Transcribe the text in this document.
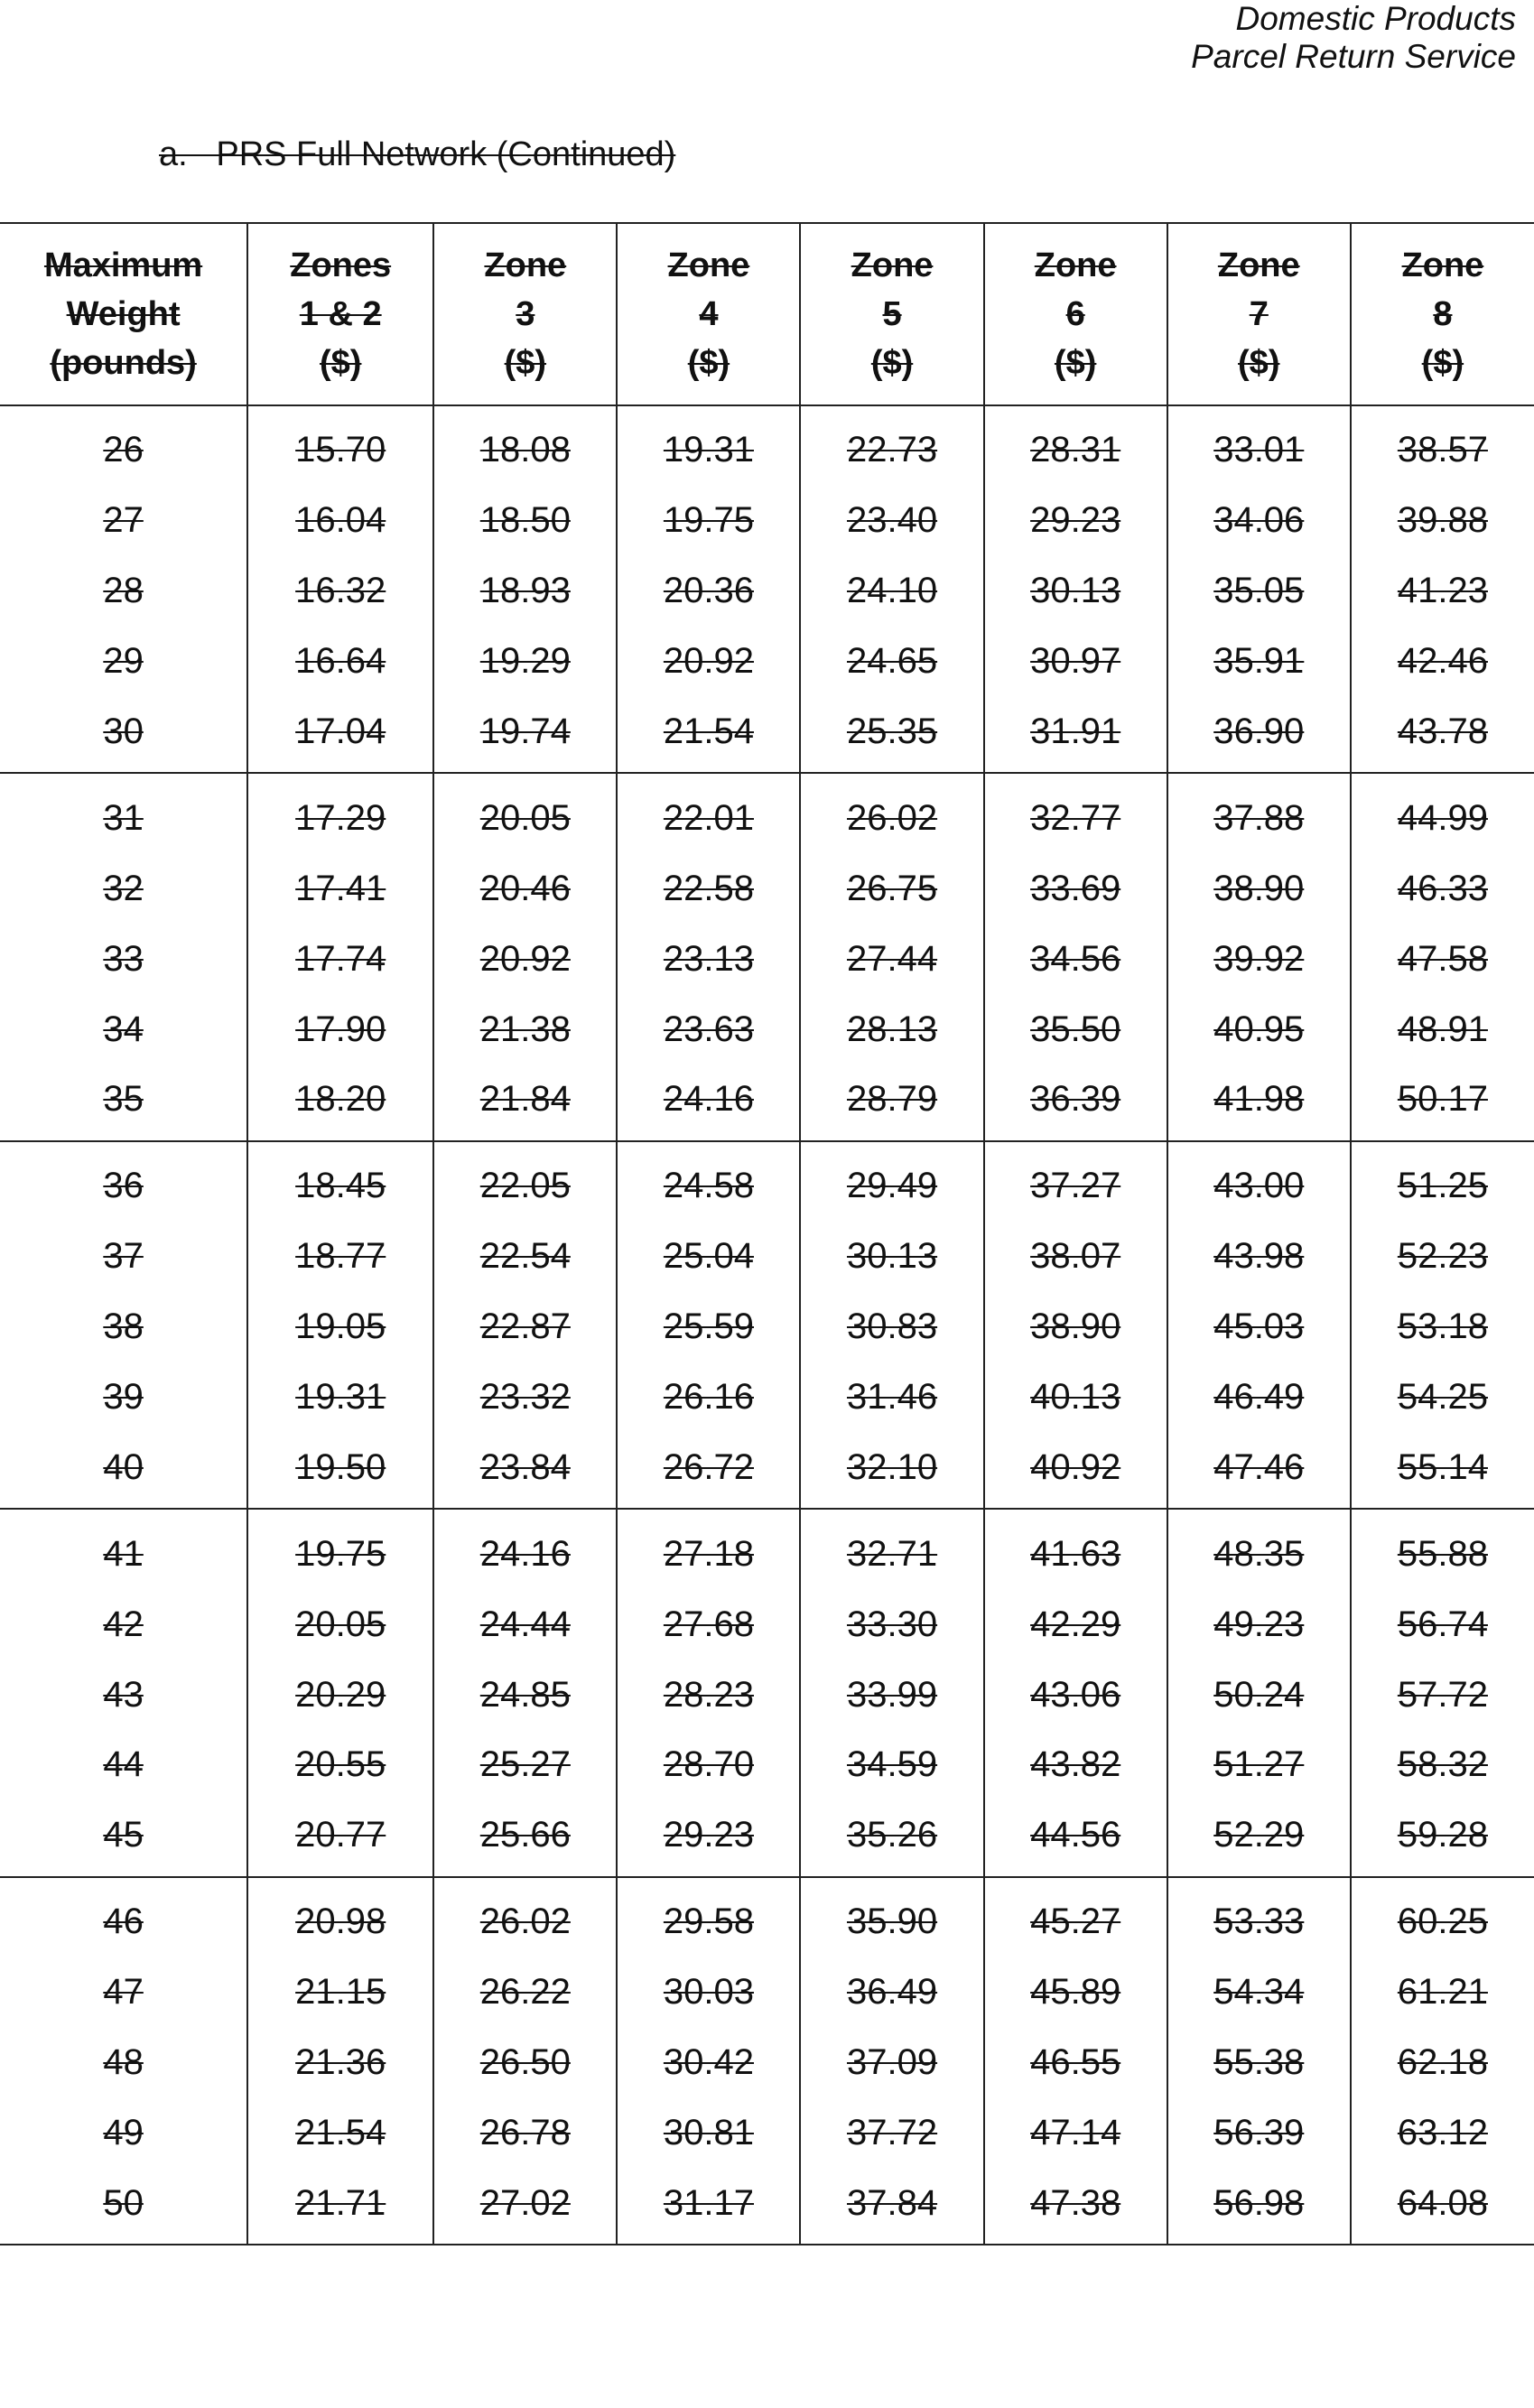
Domestic Products
Parcel Return Service
a.   PRS Full Network (Continued)
Maximum
Weight
(pounds)	Zones
1 & 2
($)	Zone
3
($)	Zone
4
($)	Zone
5
($)	Zone
6
($)	Zone
7
($)	Zone
8
($)

26	15.70	18.08	19.31	22.73	28.31	33.01	38.57
27	16.04	18.50	19.75	23.40	29.23	34.06	39.88
28	16.32	18.93	20.36	24.10	30.13	35.05	41.23
29	16.64	19.29	20.92	24.65	30.97	35.91	42.46
30	17.04	19.74	21.54	25.35	31.91	36.90	43.78
31	17.29	20.05	22.01	26.02	32.77	37.88	44.99
32	17.41	20.46	22.58	26.75	33.69	38.90	46.33
33	17.74	20.92	23.13	27.44	34.56	39.92	47.58
34	17.90	21.38	23.63	28.13	35.50	40.95	48.91
35	18.20	21.84	24.16	28.79	36.39	41.98	50.17
36	18.45	22.05	24.58	29.49	37.27	43.00	51.25
37	18.77	22.54	25.04	30.13	38.07	43.98	52.23
38	19.05	22.87	25.59	30.83	38.90	45.03	53.18
39	19.31	23.32	26.16	31.46	40.13	46.49	54.25
40	19.50	23.84	26.72	32.10	40.92	47.46	55.14
41	19.75	24.16	27.18	32.71	41.63	48.35	55.88
42	20.05	24.44	27.68	33.30	42.29	49.23	56.74
43	20.29	24.85	28.23	33.99	43.06	50.24	57.72
44	20.55	25.27	28.70	34.59	43.82	51.27	58.32
45	20.77	25.66	29.23	35.26	44.56	52.29	59.28
46	20.98	26.02	29.58	35.90	45.27	53.33	60.25
47	21.15	26.22	30.03	36.49	45.89	54.34	61.21
48	21.36	26.50	30.42	37.09	46.55	55.38	62.18
49	21.54	26.78	30.81	37.72	47.14	56.39	63.12
50	21.71	27.02	31.17	37.84	47.38	56.98	64.08
